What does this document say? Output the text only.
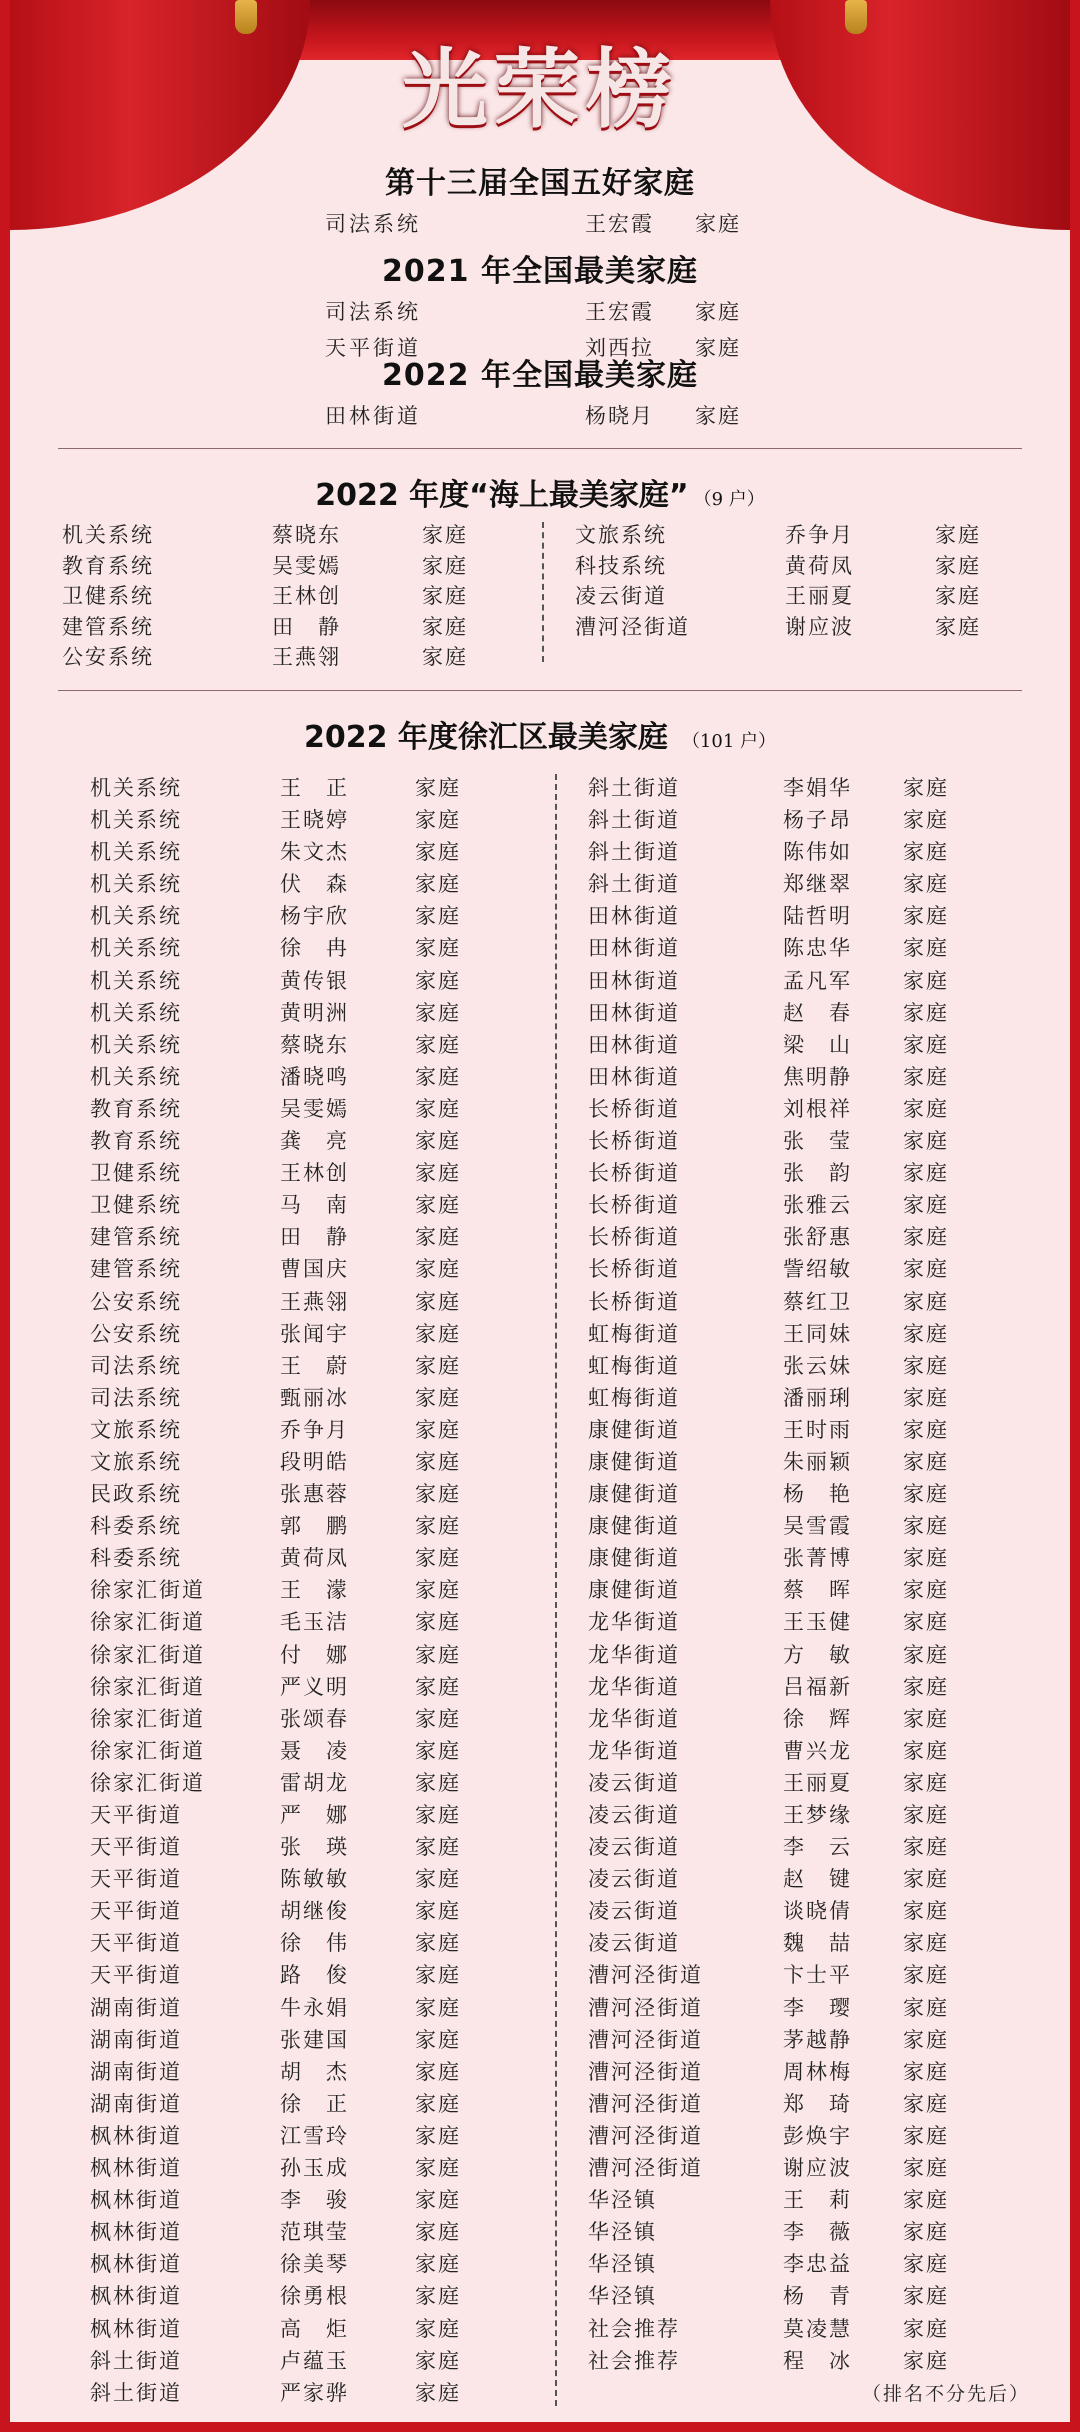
光荣榜
第十三届全国五好家庭
司法系统	王宏霞	家庭
2021 年全国最美家庭
司法系统	王宏霞	家庭
天平街道	刘西拉	家庭
2022 年全国最美家庭
田林街道	杨晓月	家庭
2022 年度“海上最美家庭” （9 户）
机关系统	蔡晓东	家庭
教育系统	吴雯嫣	家庭
卫健系统	王林创	家庭
建管系统	田　静	家庭
公安系统	王燕翎	家庭
文旅系统	乔争月	家庭
科技系统	黄荷凤	家庭
凌云街道	王丽夏	家庭
漕河泾街道	谢应波	家庭
2022 年度徐汇区最美家庭 （101 户）
机关系统	王　正	家庭
机关系统	王晓婷	家庭
机关系统	朱文杰	家庭
机关系统	伏　森	家庭
机关系统	杨宇欣	家庭
机关系统	徐　冉	家庭
机关系统	黄传银	家庭
机关系统	黄明洲	家庭
机关系统	蔡晓东	家庭
机关系统	潘晓鸣	家庭
教育系统	吴雯嫣	家庭
教育系统	龚　亮	家庭
卫健系统	王林创	家庭
卫健系统	马　南	家庭
建管系统	田　静	家庭
建管系统	曹国庆	家庭
公安系统	王燕翎	家庭
公安系统	张闻宇	家庭
司法系统	王　蔚	家庭
司法系统	甄丽冰	家庭
文旅系统	乔争月	家庭
文旅系统	段明皓	家庭
民政系统	张惠蓉	家庭
科委系统	郭　鹏	家庭
科委系统	黄荷凤	家庭
徐家汇街道	王　濛	家庭
徐家汇街道	毛玉洁	家庭
徐家汇街道	付　娜	家庭
徐家汇街道	严义明	家庭
徐家汇街道	张颂春	家庭
徐家汇街道	聂　凌	家庭
徐家汇街道	雷胡龙	家庭
天平街道	严　娜	家庭
天平街道	张　瑛	家庭
天平街道	陈敏敏	家庭
天平街道	胡继俊	家庭
天平街道	徐　伟	家庭
天平街道	路　俊	家庭
湖南街道	牛永娟	家庭
湖南街道	张建国	家庭
湖南街道	胡　杰	家庭
湖南街道	徐　正	家庭
枫林街道	江雪玲	家庭
枫林街道	孙玉成	家庭
枫林街道	李　骏	家庭
枫林街道	范琪莹	家庭
枫林街道	徐美琴	家庭
枫林街道	徐勇根	家庭
枫林街道	高　炬	家庭
斜土街道	卢蕴玉	家庭
斜土街道	严家骅	家庭
斜土街道	李娟华	家庭
斜土街道	杨子昂	家庭
斜土街道	陈伟如	家庭
斜土街道	郑继翠	家庭
田林街道	陆哲明	家庭
田林街道	陈忠华	家庭
田林街道	孟凡军	家庭
田林街道	赵　春	家庭
田林街道	梁　山	家庭
田林街道	焦明静	家庭
长桥街道	刘根祥	家庭
长桥街道	张　莹	家庭
长桥街道	张　韵	家庭
长桥街道	张雅云	家庭
长桥街道	张舒惠	家庭
长桥街道	訾绍敏	家庭
长桥街道	蔡红卫	家庭
虹梅街道	王同妹	家庭
虹梅街道	张云妹	家庭
虹梅街道	潘丽琍	家庭
康健街道	王时雨	家庭
康健街道	朱丽颖	家庭
康健街道	杨　艳	家庭
康健街道	吴雪霞	家庭
康健街道	张菁博	家庭
康健街道	蔡　晖	家庭
龙华街道	王玉健	家庭
龙华街道	方　敏	家庭
龙华街道	吕福新	家庭
龙华街道	徐　辉	家庭
龙华街道	曹兴龙	家庭
凌云街道	王丽夏	家庭
凌云街道	王梦缘	家庭
凌云街道	李　云	家庭
凌云街道	赵　键	家庭
凌云街道	谈晓倩	家庭
凌云街道	魏　喆	家庭
漕河泾街道	卞士平	家庭
漕河泾街道	李　璎	家庭
漕河泾街道	茅越静	家庭
漕河泾街道	周林梅	家庭
漕河泾街道	郑　琦	家庭
漕河泾街道	彭焕宇	家庭
漕河泾街道	谢应波	家庭
华泾镇	王　莉	家庭
华泾镇	李　薇	家庭
华泾镇	李忠益	家庭
华泾镇	杨　青	家庭
社会推荐	莫凌慧	家庭
社会推荐	程　冰	家庭
（排名不分先后）
